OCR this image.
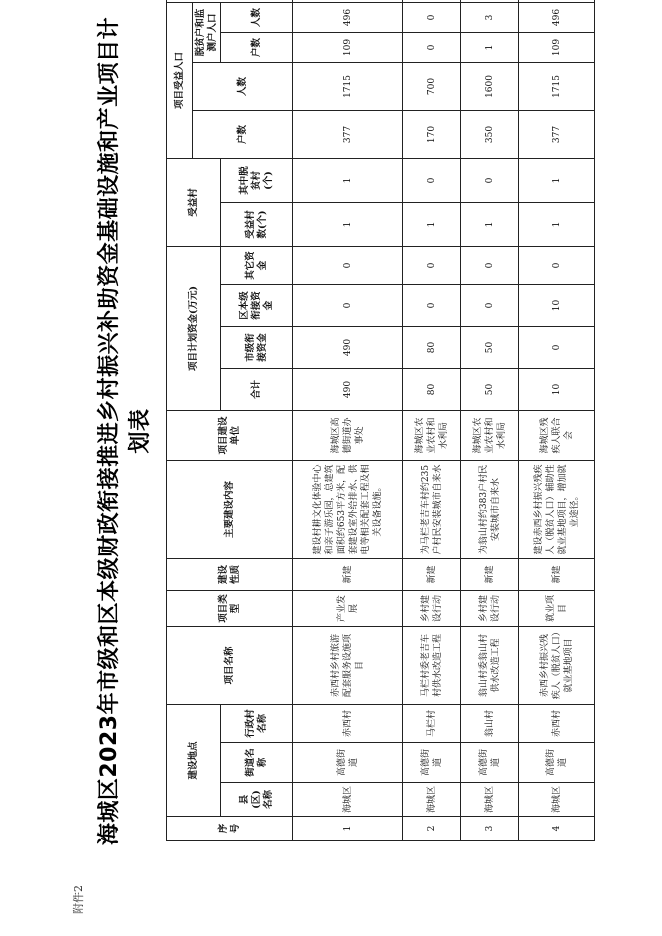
附件2
海城区2023年市级和区本级财政衔接推进乡村振兴补助资金基础设施和产业项目计划表
序号	建设地点			项目名称	项目类型	建设性质	主要建设内容	项目建设单位	项目计划资金(万元)				受益村		项目受益人口	
															户数	人数	脱贫户和监测户人口		
	县(区)名称	街道名称	行政村名称						合计	市级衔接资金	区本级衔接资金	其它资金	受益村数(个)	其中脱贫村(个)			户数	人数	

1	海城区	高德街道	赤西村	赤西村乡村旅游配套服务设施项目	产业发展	新建	建设村耕文化体验中心和亲子游乐园，总建筑面积约653平方米，配套建设室外给排水、供电等相关配套工程及相关设备设施。	海城区高德街道办事处	490	490	0	0	1	1	377	1715	109	496	
2	海城区	高德街道	马栏村	马栏村委老吉车村供水改造工程	乡村建设行动	新建	为马栏老吉车村约235户村民安装城市自来水	海城区农业农村和水利局	80	80	0	0	1	0	170	700	0	0	
3	海城区	高德街道	翁山村	翁山村委翁山村供水改造工程	乡村建设行动	新建	为翁山村约383户村民安装城市自来水	海城区农业农村和水利局	50	50	0	0	1	0	350	1600	1	3	
4	海城区	高德街道	赤西村	赤西乡村振兴残疾人（脱贫人口）就业基地项目	就业项目	新建	建设赤西乡村振兴残疾人（脱贫人口）辅助性就业基地项目，增加就业途径。	海城区残疾人联合会	10	0	10	0	1	1	377	1715	109	496	
